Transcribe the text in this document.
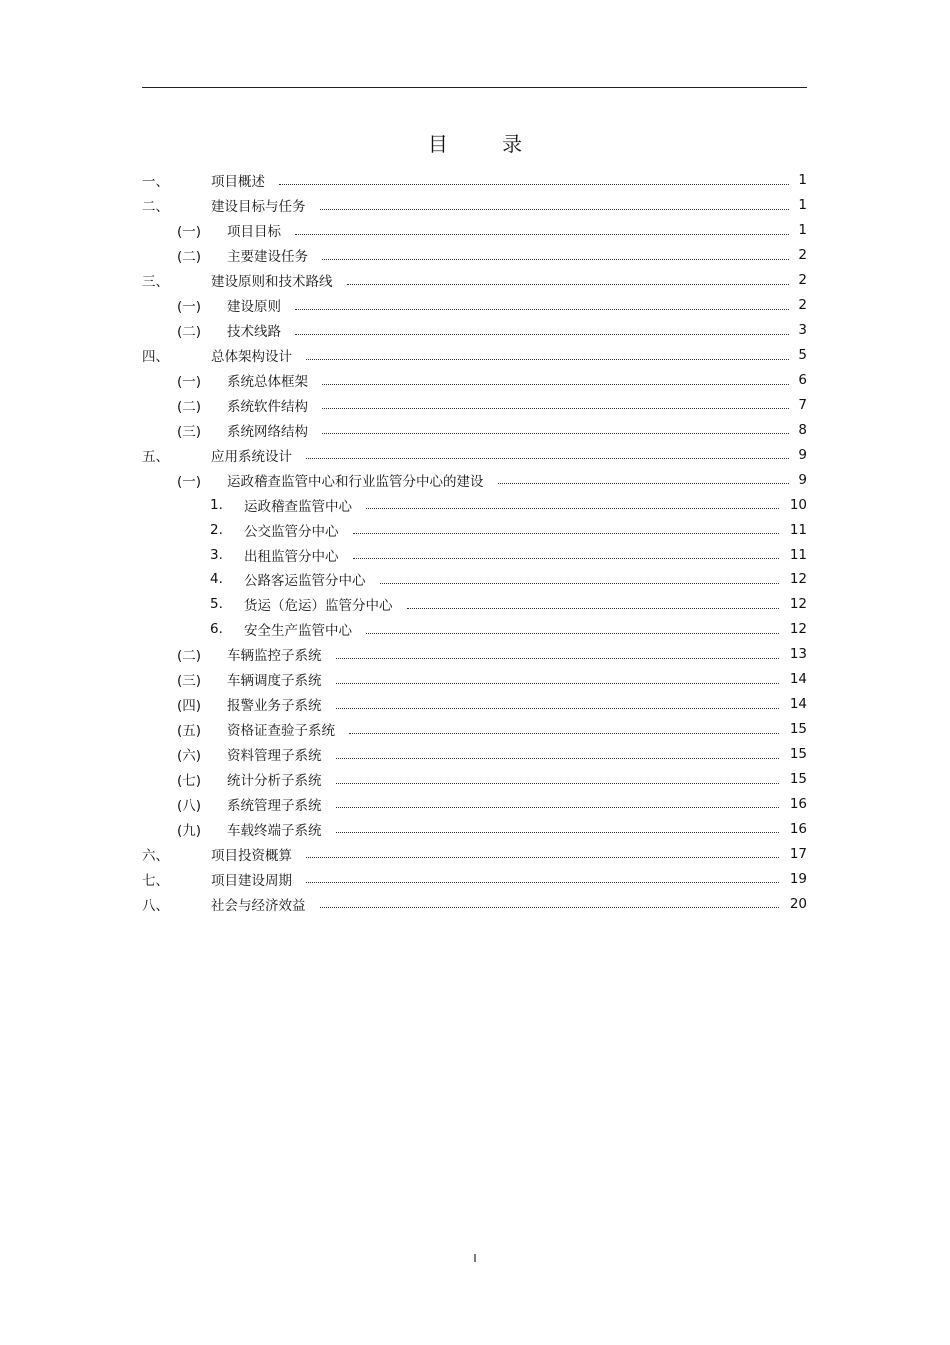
目 录
一、	项目概述	1
二、	建设目标与任务	1
(一) 项目目标	1
(二) 主要建设任务	2
三、	建设原则和技术路线	2
(一) 建设原则	2
(二) 技术线路	3
四、	总体架构设计	5
(一) 系统总体框架	6
(二) 系统软件结构	7
(三) 系统网络结构	8
五、	应用系统设计	9
(一) 运政稽查监管中心和行业监管分中心的建设	9
1. 运政稽查监管中心	10
2. 公交监管分中心	11
3. 出租监管分中心	11
4. 公路客运监管分中心	12
5. 货运（危运）监管分中心	12
6. 安全生产监管中心	12
(二) 车辆监控子系统	13
(三) 车辆调度子系统	14
(四) 报警业务子系统	14
(五) 资格证查验子系统	15
(六) 资料管理子系统	15
(七) 统计分析子系统	15
(八) 系统管理子系统	16
(九) 车载终端子系统	16
六、	项目投资概算	17
七、	项目建设周期	19
八、	社会与经济效益	20
I
